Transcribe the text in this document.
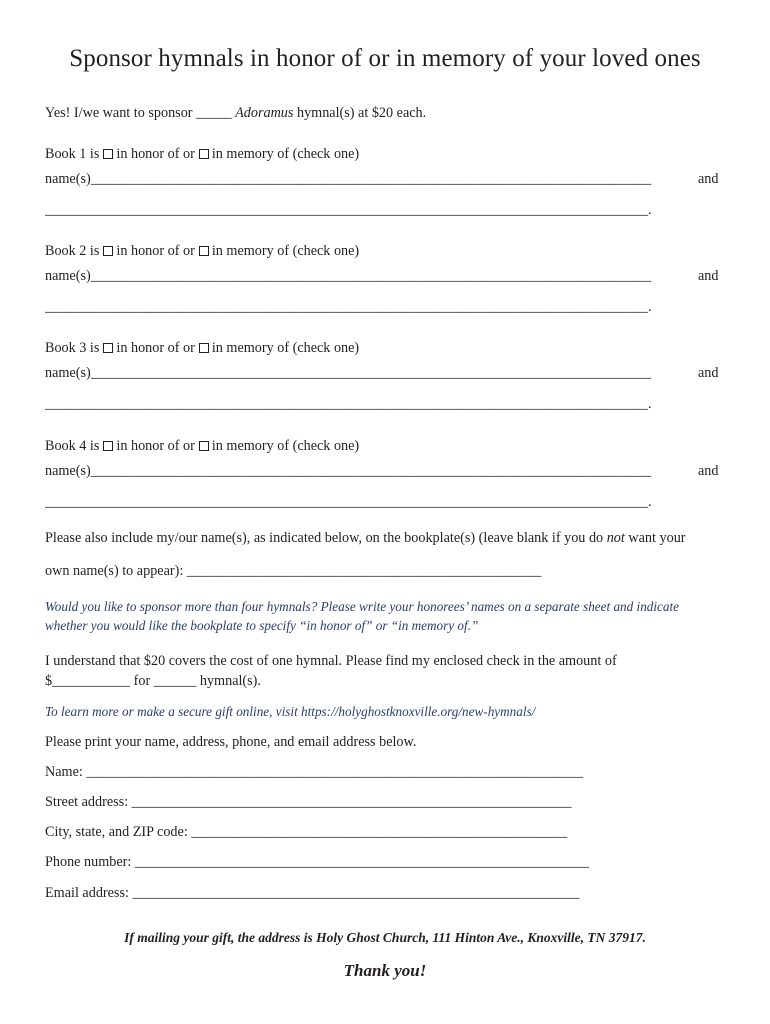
Sponsor hymnals in honor of or in memory of your loved ones
Yes! I/we want to sponsor _____ Adoramus hymnal(s) at $20 each.
Book 1 is in honor of or in memory of (check one)
name(s)_______________________________________________________________________________	and
_____________________________________________________________________________________.
Book 2 is in honor of or in memory of (check one)
name(s)_______________________________________________________________________________	and
_____________________________________________________________________________________.
Book 3 is in honor of or in memory of (check one)
name(s)_______________________________________________________________________________	and
_____________________________________________________________________________________.
Book 4 is in honor of or in memory of (check one)
name(s)_______________________________________________________________________________	and
_____________________________________________________________________________________.
Please also include my/our name(s), as indicated below, on the bookplate(s) (leave blank if you do not want your
own name(s) to appear): __________________________________________________
Would you like to sponsor more than four hymnals? Please write your honorees’ names on a separate sheet and indicate
whether you would like the bookplate to specify “in honor of” or “in memory of.”
I understand that $20 covers the cost of one hymnal. Please find my enclosed check in the amount of
$___________ for ______ hymnal(s).
To learn more or make a secure gift online, visit https://holyghostknoxville.org/new-hymnals/
Please print your name, address, phone, and email address below.
Name: ______________________________________________________________________
Street address: ______________________________________________________________
City, state, and ZIP code: _____________________________________________________
Phone number: ________________________________________________________________
Email address: _______________________________________________________________
If mailing your gift, the address is Holy Ghost Church, 111 Hinton Ave., Knoxville, TN 37917.
Thank you!
